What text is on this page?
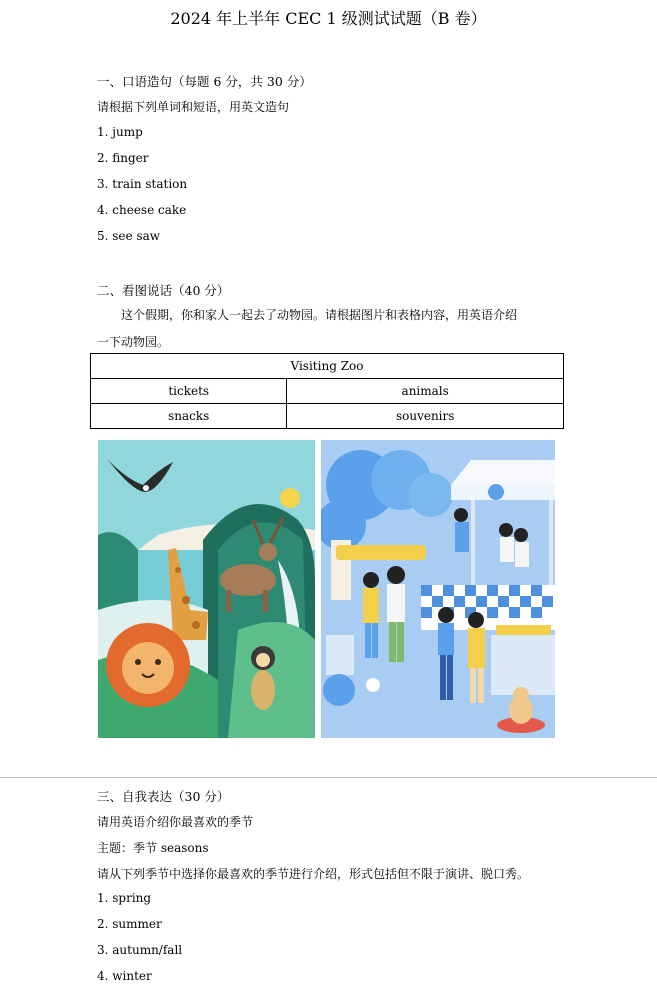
2024 年上半年 CEC 1 级测试试题（B 卷）
一、口语造句（每题 6 分，共 30 分）
请根据下列单词和短语，用英文造句
1. jump
2. finger
3. train station
4. cheese cake
5. see saw
二、看图说话（40 分）
这个假期，你和家人一起去了动物园。请根据图片和表格内容，用英语介绍
一下动物园。
Visiting Zoo	
tickets	animals
snacks	souvenirs
三、自我表达（30 分）
请用英语介绍你最喜欢的季节
主题：季节 seasons
请从下列季节中选择你最喜欢的季节进行介绍，形式包括但不限于演讲、脱口秀。
1. spring
2. summer
3. autumn/fall
4. winter
